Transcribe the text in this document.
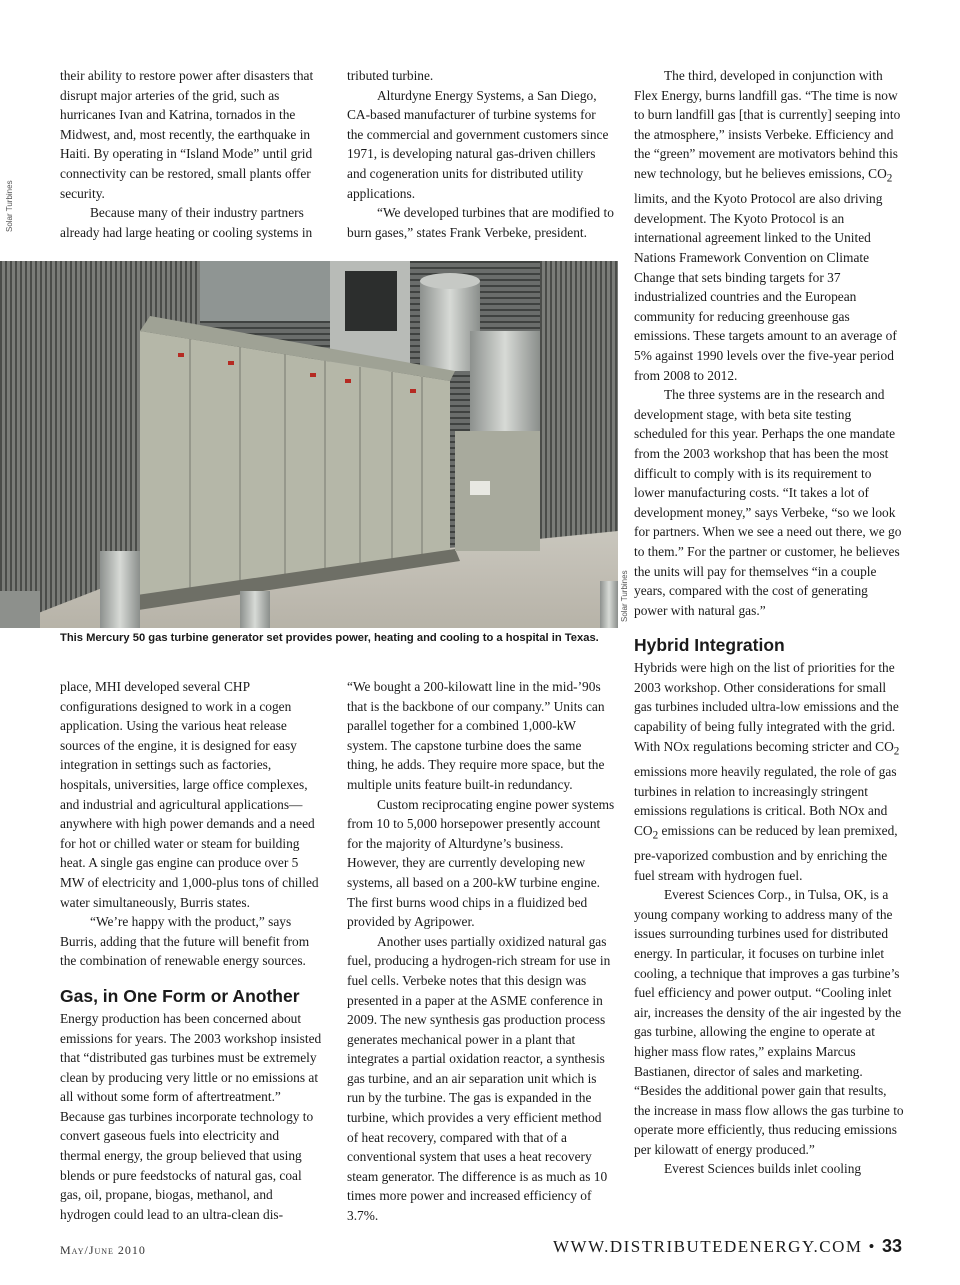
Solar Turbines

their ability to restore power after disasters that disrupt major arteries of the grid, such as hurricanes Ivan and Katrina, tornados in the Midwest, and, most recently, the earthquake in Haiti. By operating in “Island Mode” until grid connectivity can be restored, small plants offer security.

Because many of their industry partners already had large heating or cooling systems in

tributed turbine.

Alturdyne Energy Systems, a San Diego, CA-based manufacturer of turbine systems for the commercial and government customers since 1971, is developing natural gas-driven chillers and cogeneration units for distributed utility applications.

“We developed turbines that are modified to burn gases,” states Frank Verbeke, president.

Solar Turbines
This Mercury 50 gas turbine generator set provides power, heating and cooling to a hospital in Texas.

place, MHI developed several CHP configurations designed to work in a cogen application. Using the various heat release sources of the engine, it is designed for easy integration in settings such as factories, hospitals, universities, large office complexes, and industrial and agricultural applications—anywhere with high power demands and a need for hot or chilled water or steam for building heat. A single gas engine can produce over 5 MW of electricity and 1,000-plus tons of chilled water simultaneously, Burris states.

“We’re happy with the product,” says Burris, adding that the future will benefit from the combination of renewable energy sources.

Gas, in One Form or Another

Energy production has been concerned about emissions for years. The 2003 workshop insisted that “distributed gas turbines must be extremely clean by producing very little or no emissions at all without some form of aftertreatment.” Because gas turbines incorporate technology to convert gaseous fuels into electricity and thermal energy, the group believed that using blends or pure feedstocks of natural gas, coal gas, oil, propane, biogas, methanol, and hydrogen could lead to an ultra-clean dis-

“We bought a 200-kilowatt line in the mid-’90s that is the backbone of our company.” Units can parallel together for a combined 1,000-kW system. The capstone turbine does the same thing, he adds. They require more space, but the multiple units feature built-in redundancy.

Custom reciprocating engine power systems from 10 to 5,000 horsepower presently account for the majority of Alturdyne’s business. However, they are currently developing new systems, all based on a 200-kW turbine engine. The first burns wood chips in a fluidized bed provided by Agripower.

Another uses partially oxidized natural gas fuel, producing a hydrogen-rich stream for use in fuel cells. Verbeke notes that this design was presented in a paper at the ASME conference in 2009. The new synthesis gas production process generates mechanical power in a plant that integrates a partial oxidation reactor, a synthesis gas turbine, and an air separation unit which is run by the turbine. The gas is expanded in the turbine, which provides a very efficient method of heat recovery, compared with that of a conventional system that uses a heat recovery steam generator. The difference is as much as 10 times more power and increased efficiency of 3.7%.

The third, developed in conjunction with Flex Energy, burns landfill gas. “The time is now to burn landfill gas [that is currently] seeping into the atmosphere,” insists Verbeke. Efficiency and the “green” movement are motivators behind this new technology, but he believes emissions, $CO_2$ limits, and the Kyoto Protocol are also driving development. The Kyoto Protocol is an international agreement linked to the United Nations Framework Convention on Climate Change that sets binding targets for 37 industrialized countries and the European community for reducing greenhouse gas emissions. These targets amount to an average of 5% against 1990 levels over the five-year period from 2008 to 2012.

The three systems are in the research and development stage, with beta site testing scheduled for this year. Perhaps the one mandate from the 2003 workshop that has been the most difficult to comply with is its requirement to lower manufacturing costs. “It takes a lot of development money,” says Verbeke, “so we look for partners. When we see a need out there, we go to them.” For the partner or customer, he believes the units will pay for themselves “in a couple years, compared with the cost of generating power with natural gas.”

Hybrid Integration

Hybrids were high on the list of priorities for the 2003 workshop. Other considerations for small gas turbines included ultra-low emissions and the capability of being fully integrated with the grid. With NOx regulations becoming stricter and $CO_2$ emissions more heavily regulated, the role of gas turbines in relation to increasingly stringent emissions regulations is critical. Both NOx and $CO_2$ emissions can be reduced by lean premixed, pre-vaporized combustion and by enriching the fuel stream with hydrogen fuel.

Everest Sciences Corp., in Tulsa, OK, is a young company working to address many of the issues surrounding turbines used for distributed energy. In particular, it focuses on turbine inlet cooling, a technique that improves a gas turbine’s fuel efficiency and power output. “Cooling inlet air, increases the density of the air ingested by the gas turbine, allowing the engine to operate at higher mass flow rates,” explains Marcus Bastianen, director of sales and marketing. “Besides the additional power gain that results, the increase in mass flow allows the gas turbine to operate more efficiently, thus reducing emissions per kilowatt of energy produced.”

Everest Sciences builds inlet cooling

May/June 2010	WWW.DISTRIBUTEDENERGY.COM • 33
